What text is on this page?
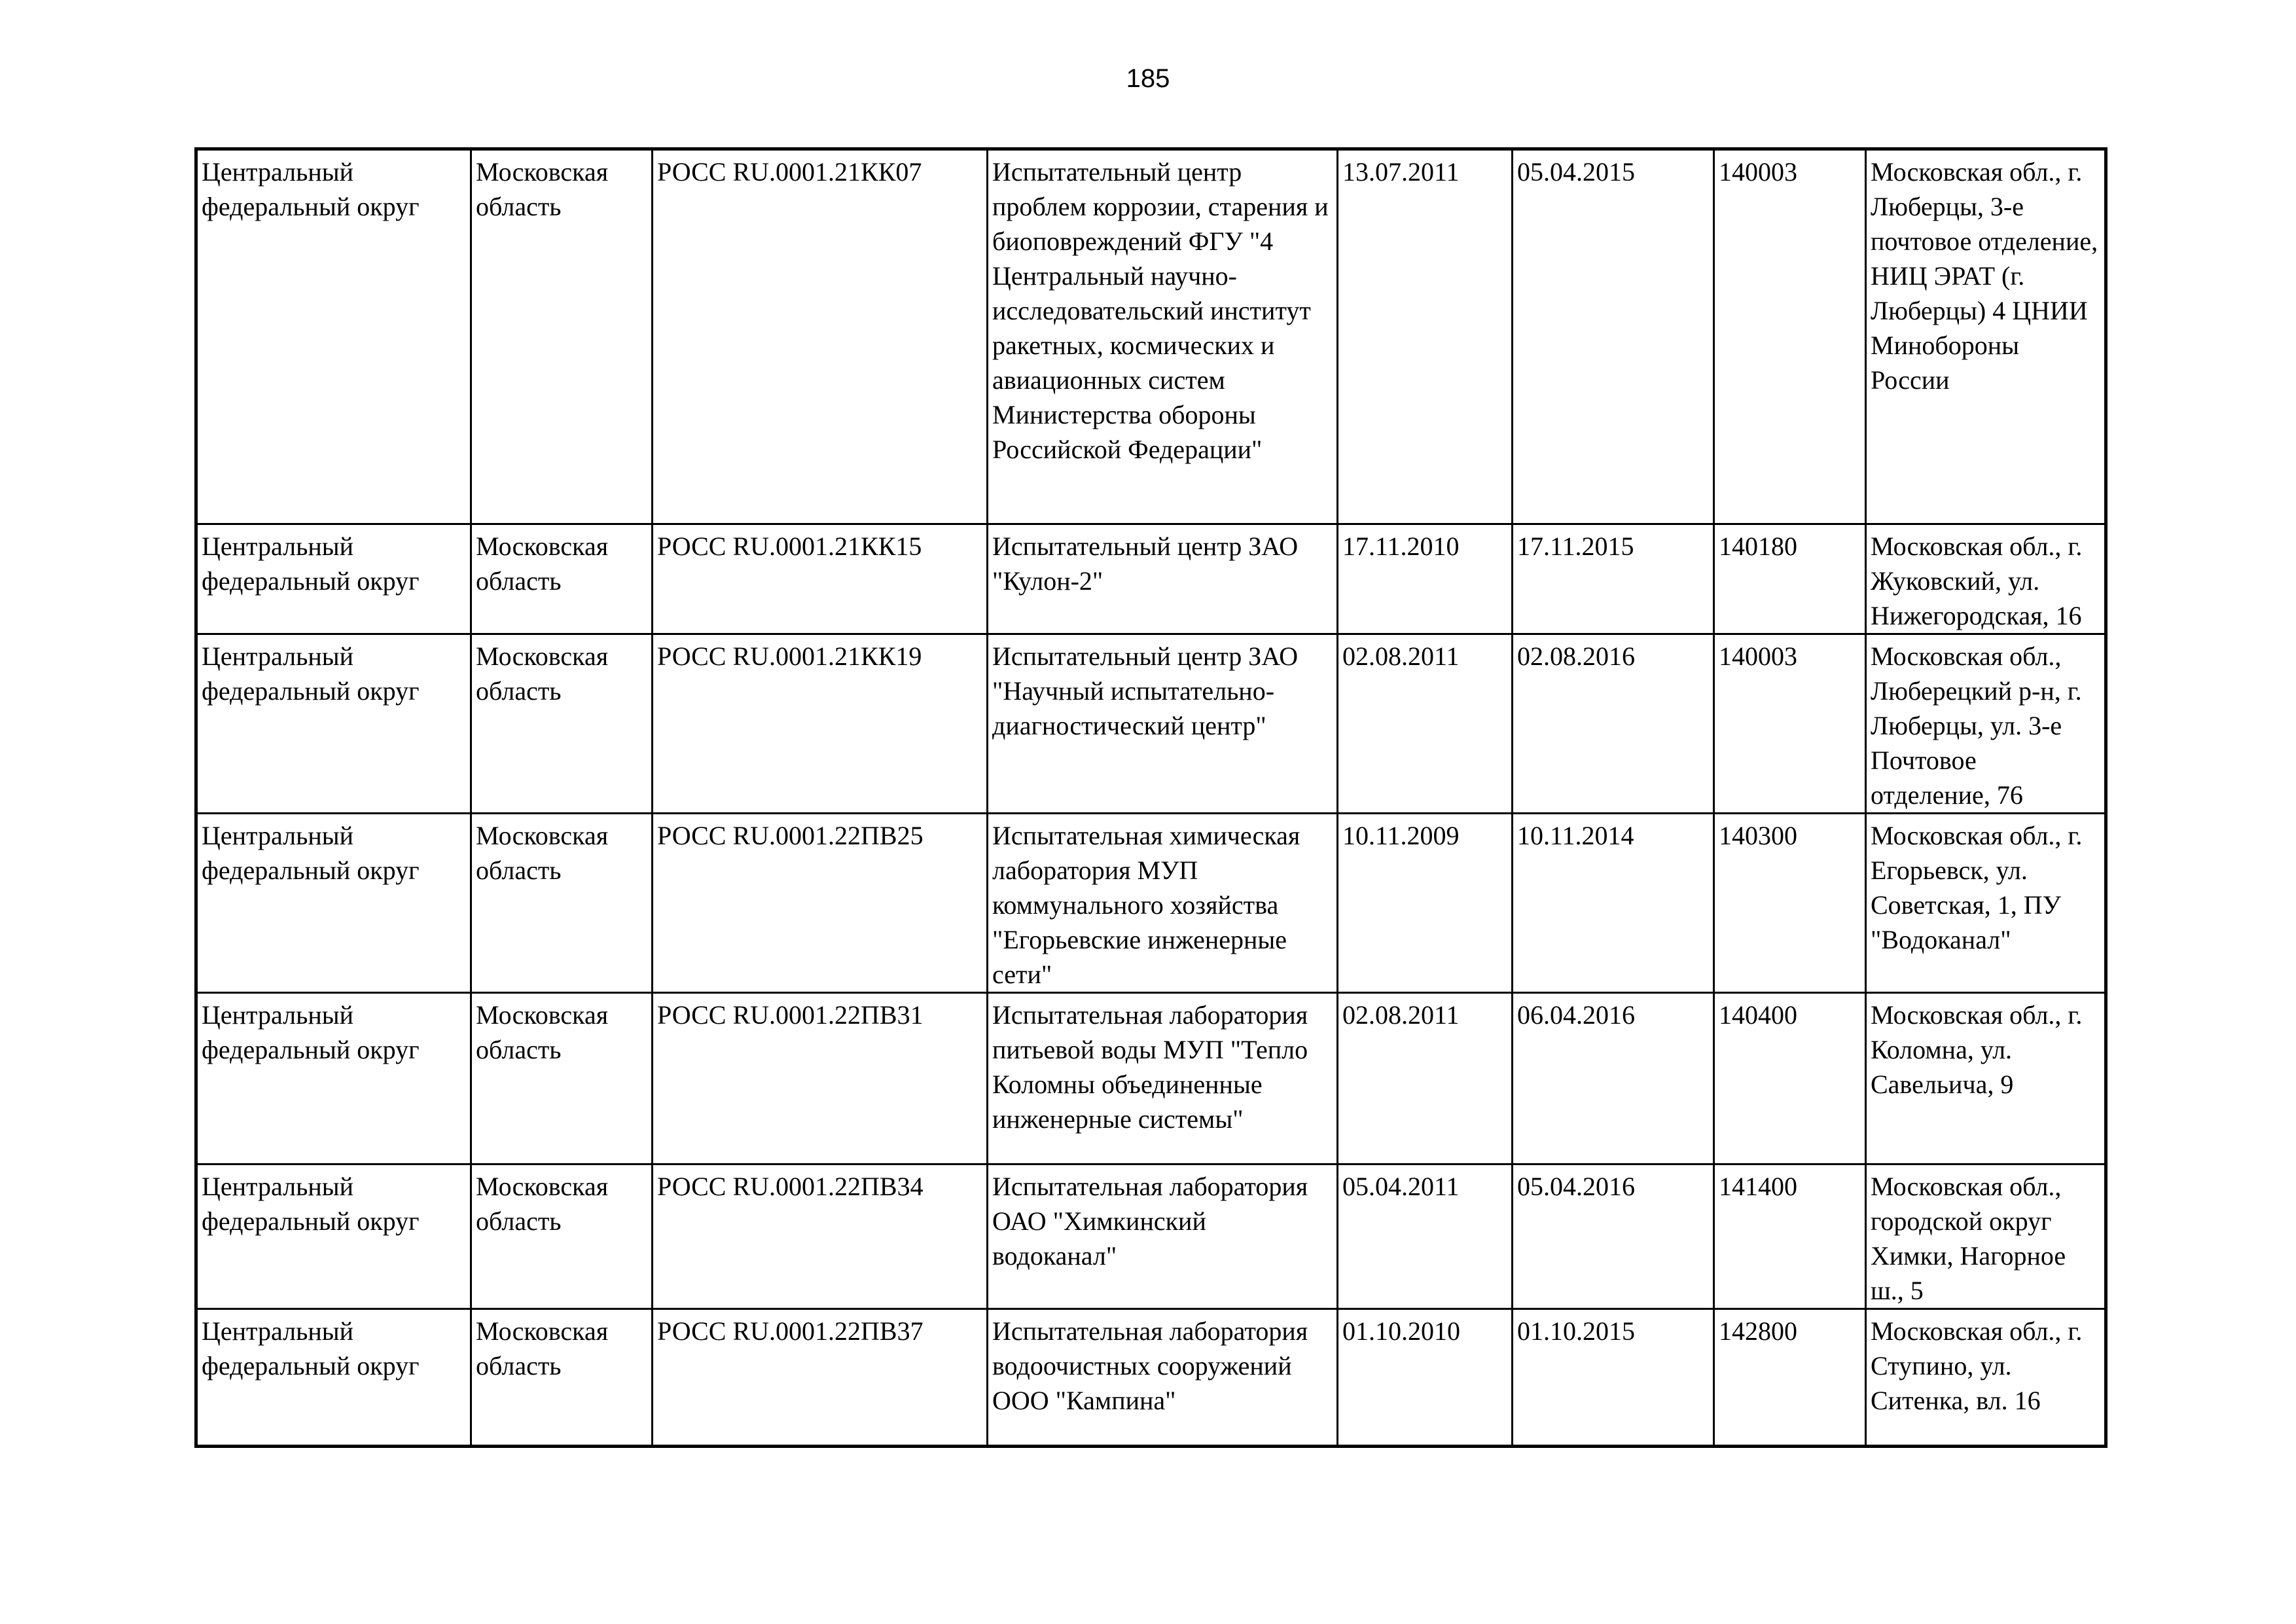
185
Центральный федеральный округ	Московская область	РОСС RU.0001.21КК07	Испытательный центр проблем коррозии, старения и биоповреждений ФГУ "4 Центральный научно-исследовательский институт ракетных, космических и авиационных систем Министерства обороны Российской Федерации"	13.07.2011	05.04.2015	140003	Московская обл., г. Люберцы, 3-е почтовое отделение, НИЦ ЭРАТ (г. Люберцы) 4 ЦНИИ Минобороны России
Центральный федеральный округ	Московская область	РОСС RU.0001.21КК15	Испытательный центр ЗАО "Кулон-2"	17.11.2010	17.11.2015	140180	Московская обл., г. Жуковский, ул. Нижегородская, 16
Центральный федеральный округ	Московская область	РОСС RU.0001.21КК19	Испытательный центр ЗАО "Научный испытательно-диагностический центр"	02.08.2011	02.08.2016	140003	Московская обл., Люберецкий р-н, г. Люберцы, ул. 3-е Почтовое отделение, 76
Центральный федеральный округ	Московская область	РОСС RU.0001.22ПВ25	Испытательная химическая лаборатория МУП коммунального хозяйства "Егорьевские инженерные сети"	10.11.2009	10.11.2014	140300	Московская обл., г. Егорьевск, ул. Советская, 1, ПУ "Водоканал"
Центральный федеральный округ	Московская область	РОСС RU.0001.22ПВ31	Испытательная лаборатория питьевой воды МУП "Тепло Коломны объединенные инженерные системы"	02.08.2011	06.04.2016	140400	Московская обл., г. Коломна, ул. Савельича, 9
Центральный федеральный округ	Московская область	РОСС RU.0001.22ПВ34	Испытательная лаборатория ОАО "Химкинский водоканал"	05.04.2011	05.04.2016	141400	Московская обл., городской округ Химки, Нагорное ш., 5
Центральный федеральный округ	Московская область	РОСС RU.0001.22ПВ37	Испытательная лаборатория водоочистных сооружений ООО "Кампина"	01.10.2010	01.10.2015	142800	Московская обл., г. Ступино, ул. Ситенка, вл. 16
